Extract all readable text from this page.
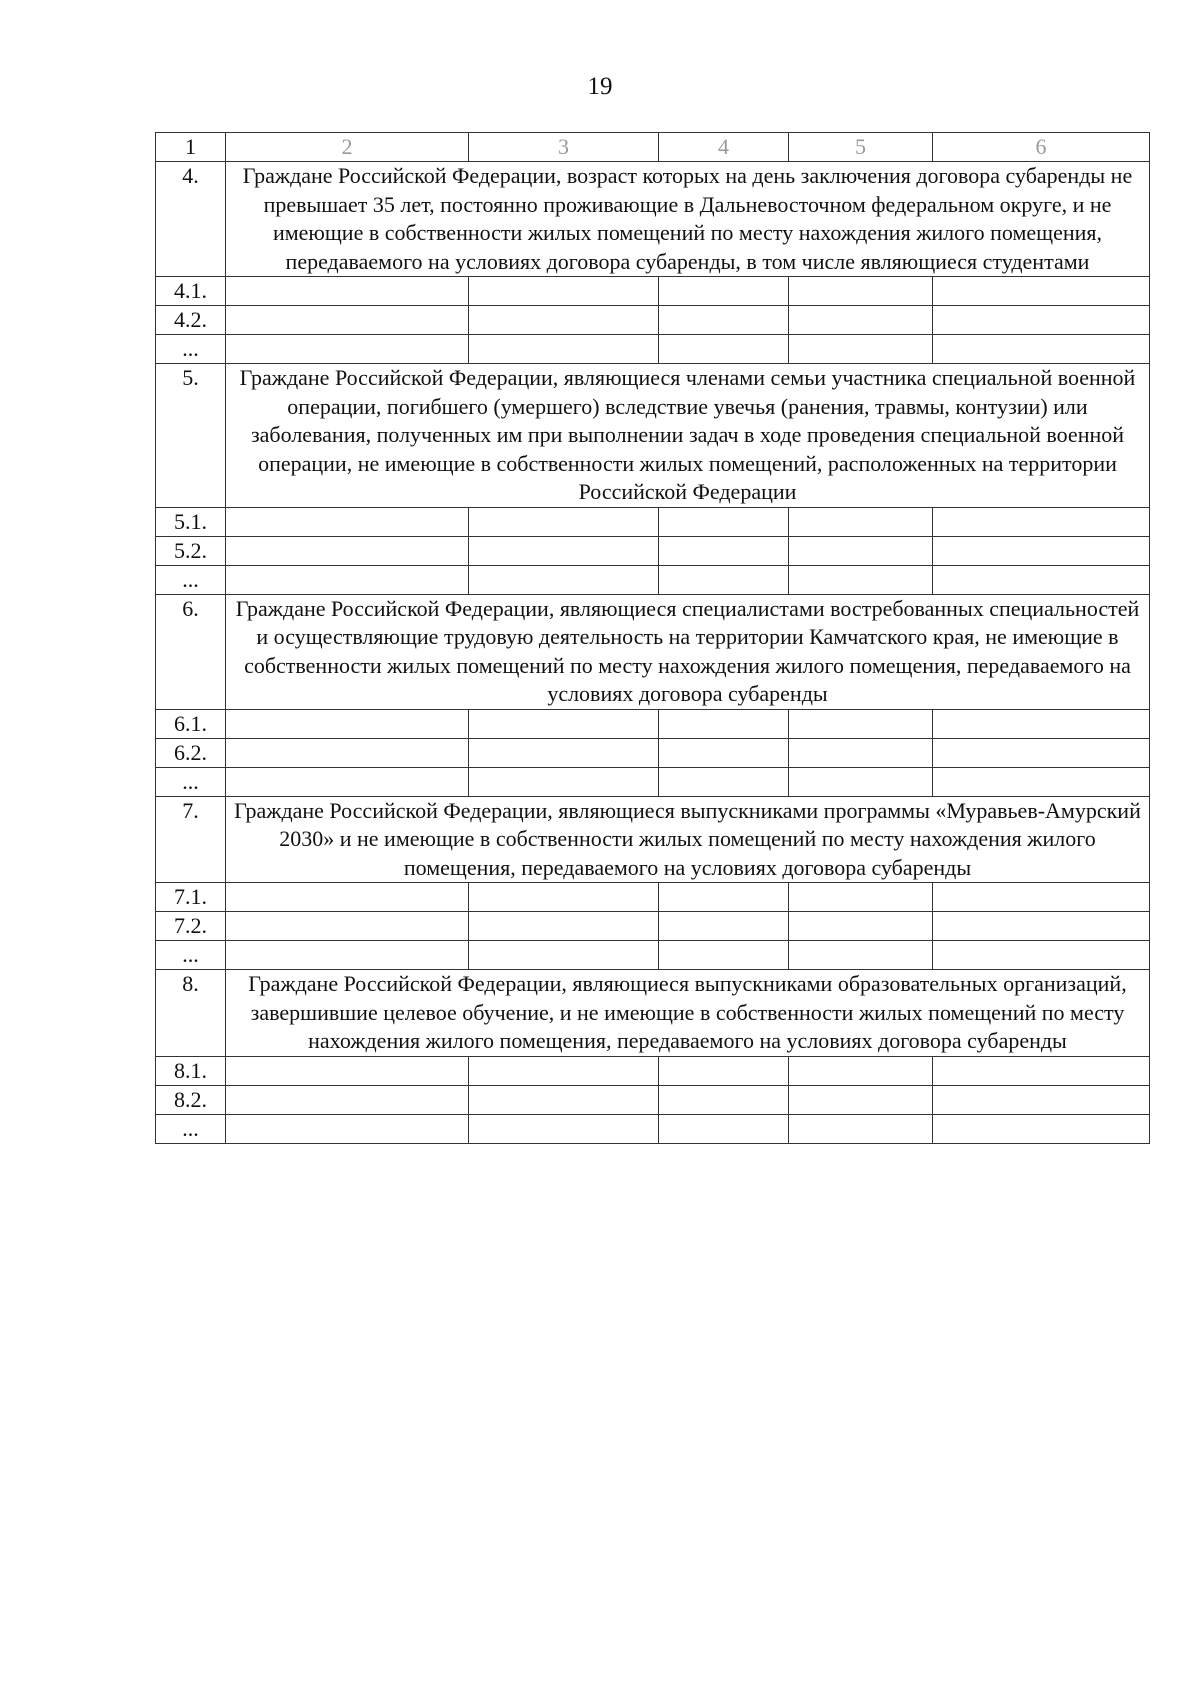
19
1	2	3	4	5	6
4.	Граждане Российской Федерации, возраст которых на день заключения договора субаренды не превышает 35 лет, постоянно проживающие в Дальневосточном федеральном округе, и не имеющие в собственности жилых помещений по месту нахождения жилого помещения, передаваемого на условиях договора субаренды, в том числе являющиеся студентами				
4.1.					
4.2.					
...					
5.	Граждане Российской Федерации, являющиеся членами семьи участника специальной военной операции, погибшего (умершего) вследствие увечья (ранения, травмы, контузии) или заболевания, полученных им при выполнении задач в ходе проведения специальной военной операции, не имеющие в собственности жилых помещений, расположенных на территории Российской Федерации				
5.1.					
5.2.					
...					
6.	Граждане Российской Федерации, являющиеся специалистами востребованных специальностей и осуществляющие трудовую деятельность на территории Камчатского края, не имеющие в собственности жилых помещений по месту нахождения жилого помещения, передаваемого на условиях договора субаренды				
6.1.					
6.2.					
...					
7.	Граждане Российской Федерации, являющиеся выпускниками программы «Муравьев-Амурский 2030» и не имеющие в собственности жилых помещений по месту нахождения жилого помещения, передаваемого на условиях договора субаренды				
7.1.					
7.2.					
...					
8.	Граждане Российской Федерации, являющиеся выпускниками образовательных организаций, завершившие целевое обучение, и не имеющие в собственности жилых помещений по месту нахождения жилого помещения, передаваемого на условиях договора субаренды				
8.1.					
8.2.					
...					
